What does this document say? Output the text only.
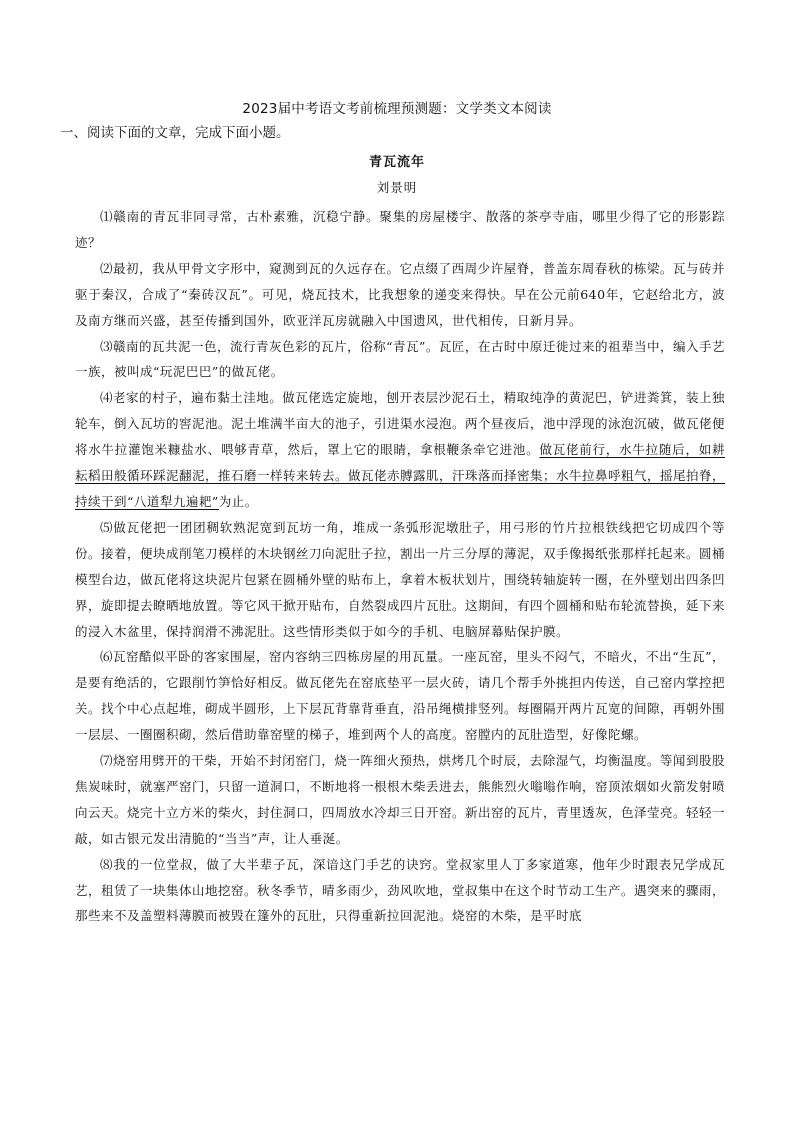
2023届中考语文考前梳理预测题：文学类文本阅读
一、阅读下面的文章，完成下面小题。
青瓦流年
刘景明

⑴赣南的青瓦非同寻常，古朴素雅，沉稳宁静。聚集的房屋楼宇、散落的茶亭寺庙，哪里少得了它的形影踪迹？

⑵最初，我从甲骨文字形中，窥测到瓦的久远存在。它点缀了西周少许屋脊，普盖东周春秋的栋梁。瓦与砖并驱于秦汉，合成了“秦砖汉瓦”。可见，烧瓦技术，比我想象的递变来得快。早在公元前640年，它赵给北方，波及南方继而兴盛，甚至传播到国外，欧亚洋瓦房就融入中国遗风，世代相传，日新月异。

⑶赣南的瓦共泥一色，流行青灰色彩的瓦片，俗称“青瓦”。瓦匠，在古时中原迁徙过来的祖辈当中，编入手艺一族，被叫成“玩泥巴巴”的做瓦佬。

⑷老家的村子，遍布黏土洼地。做瓦佬选定旋地，刨开表层沙泥石土，精取纯净的黄泥巴，铲进粪箕，装上独轮车，倒入瓦坊的窖泥池。泥土堆满半亩大的池子，引进渠水浸泡。两个昼夜后，池中浮现的泳泡沉破，做瓦佬便将水牛拉灌饱米糠盐水、喂够青草，然后，罩上它的眼睛，拿根鞭条牵它进池。做瓦佬前行，水牛拉随后，如耕耘稻田般循环踩泥翻泥，推石磨一样转来转去。做瓦佬赤膊露肌，汗珠落而择密集；水牛拉鼻呼粗气，摇尾拍脊，持续干到“八道犁九遍耙”为止。

⑸做瓦佬把一团团稠软熟泥宽到瓦坊一角，堆成一条弧形泥墩肚子，用弓形的竹片拉根铁线把它切成四个等份。接着，便块成削笔刀模样的木块钢丝刀向泥肚子拉，割出一片三分厚的薄泥，双手像揭纸张那样托起来。圆桶模型台边，做瓦佬将这块泥片包紧在圆桶外壁的贴布上，拿着木板状划片，围绕转轴旋转一圈，在外壁划出四条凹界，旋即提去瞭晒地放置。等它风干掀开贴布，自然裂成四片瓦肚。这期间，有四个圆桶和贴布轮流替换，延下来的浸入木盆里，保持润滑不沸泥肚。这些情形类似于如今的手机、电脑屏幕贴保护膜。

⑹瓦窑酷似平卧的客家围屋，窑内容纳三四栋房屋的用瓦量。一座瓦窑，里头不闷气，不暗火，不出“生瓦”，是要有绝活的，它跟削竹笋恰好相反。做瓦佬先在窑底垫平一层火砖，请几个帮手外挑担内传送，自己窑内掌控把关。找个中心点起堆，砌成半圆形，上下层瓦背靠背垂直，沿吊绳横排竖列。每圈隔开两片瓦宽的间隙，再朝外围一层层、一圈圈积砌，然后借助靠窑壁的梯子，堆到两个人的高度。窑膛内的瓦肚造型，好像陀螺。

⑺烧窑用劈开的干柴，开始不封闭窑门，烧一阵细火预热，烘烤几个时辰，去除湿气，均衡温度。等闻到股股焦炭味时，就塞严窑门，只留一道洞口，不断地将一根根木柴丢进去，熊熊烈火嗡嗡作响，窑顶浓烟如火箭发射喷向云天。烧完十立方米的柴火，封住洞口，四周放水冷却三日开窑。新出窑的瓦片，青里透灰，色泽莹亮。轻轻一敲，如古银元发出清脆的“当当”声，让人垂涎。

⑻我的一位堂叔，做了大半辈子瓦，深谙这门手艺的诀窍。堂叔家里人丁多家道寒，他年少时跟表兄学成瓦艺，租赁了一块集体山地挖窑。秋冬季节，晴多雨少，劲风吹地，堂叔集中在这个时节动工生产。遇突来的骤雨，那些来不及盖塑料薄膜而被毁在篷外的瓦肚，只得重新拉回泥池。烧窑的木柴，是平时底
